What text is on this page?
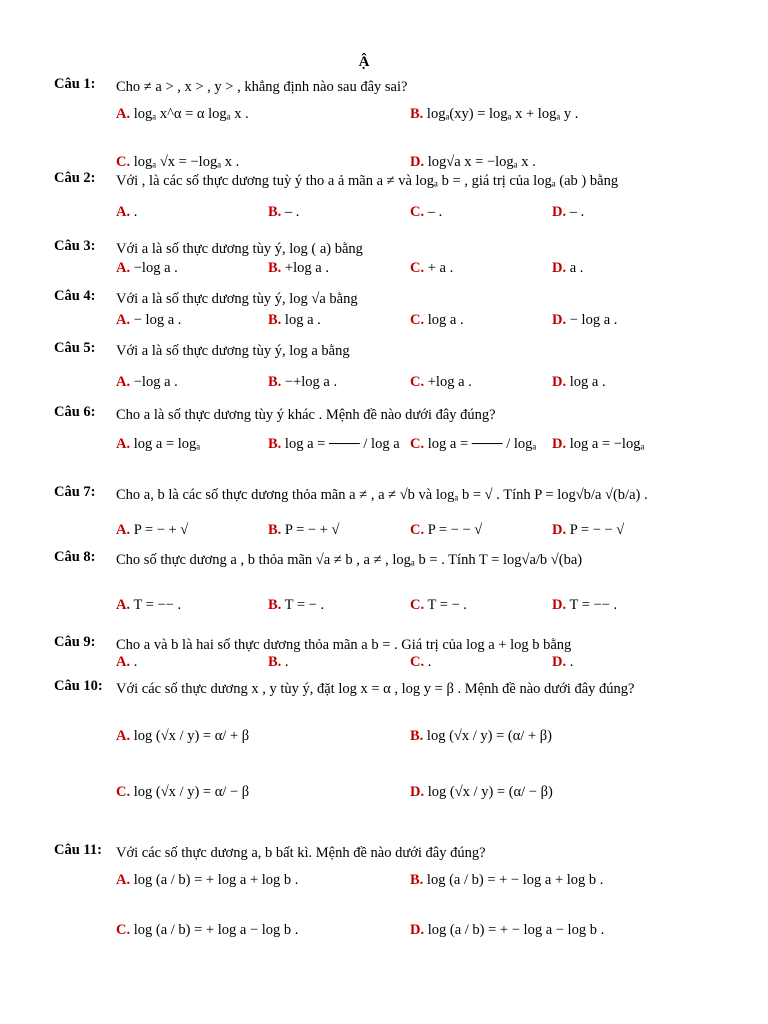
Ậ
Câu 1: Cho ≠ a > , x > , y > , khẳng định nào sau đây sai?
A. logₐ x^α = α logₐ x .	B. logₐ(xy) = logₐ x + logₐ y .
C. logₐ √x = −logₐ x .	D. log√a x = −logₐ x .
Câu 2: Với , là các số thực dương tuỳ ý tho a ả mãn a ≠ và logₐ b = , giá trị của logₐ (ab ) bằng
A. .	B. – .	C. – .	D. – .
Câu 3: Với a là số thực dương tùy ý, log ( a) bằng
A. −log a .	B. +log a .	C. + a .	D. a .
Câu 4: Với a là số thực dương tùy ý, log √a bằng
A. − log a .	B. log a .	C. log a .	D. − log a .
Câu 5: Với a là số thực dương tùy ý, log a bằng
A. −log a .	B. −+log a .	C. +log a .	D. log a .
Câu 6: Cho a là số thực dương tùy ý khác . Mệnh đề nào dưới đây đúng?
A. log a = logₐ	B. log a = ─── / log a C. log a = ─── / logₐ D. log a = −logₐ
Câu 7: Cho a, b là các số thực dương thỏa mãn a ≠ , a ≠ √b và logₐ b = √ . Tính P = log√b/a √(b/a) .
A. P = − + √	B. P = − + √	C. P = − − √	D. P = − − √
Câu 8: Cho số thực dương a , b thỏa mãn √a ≠ b , a ≠ , logₐ b = . Tính T = log√a/b √(ba)
A. T = −− .	B. T = − .	C. T = − .	D. T = −− .
Câu 9: Cho a và b là hai số thực dương thỏa mãn a b = . Giá trị của log a + log b bằng
A. .	B. .	C. .	D. .
Câu 10: Với các số thực dương x , y tùy ý, đặt log x = α , log y = β . Mệnh đề nào dưới đây đúng?
A. log (√x / y) = α/ + β	B. log (√x / y) = (α/ + β)
C. log (√x / y) = α/ − β	D. log (√x / y) = (α/ − β)
Câu 11: Với các số thực dương a, b bất kì. Mệnh đề nào dưới đây đúng?
A. log (a / b) = + log a + log b .	B. log (a / b) = + − log a + log b .
C. log (a / b) = + log a − log b .	D. log (a / b) = + − log a − log b .
